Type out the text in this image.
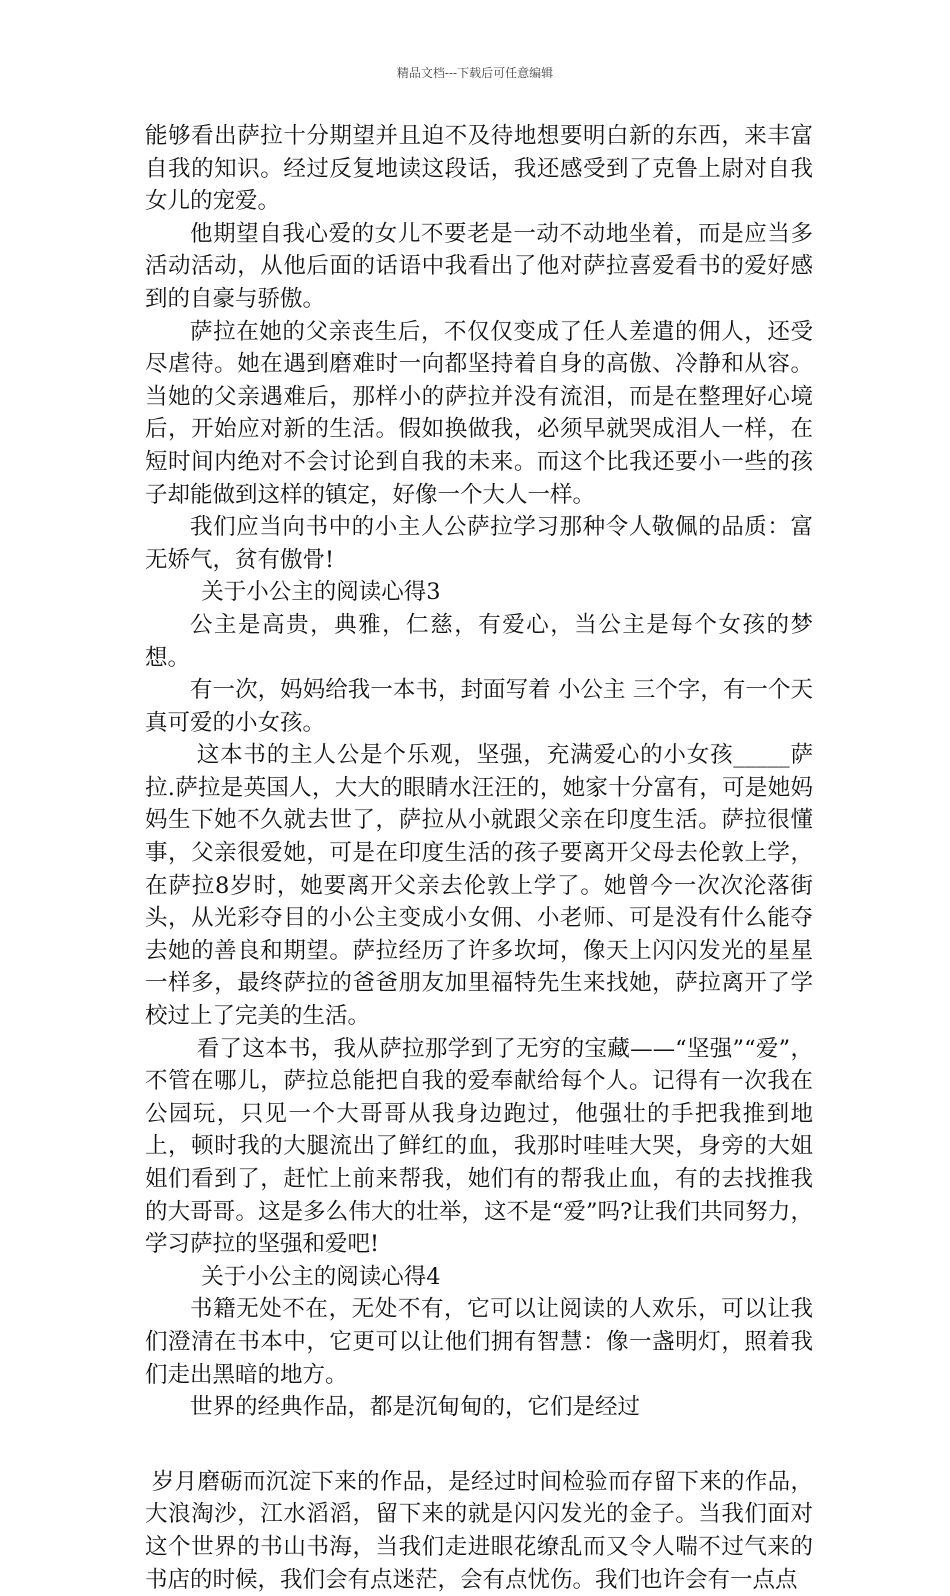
精品文档---下载后可任意编辑

能够看出萨拉十分期望并且迫不及待地想要明白新的东西，来丰富自我的知识。经过反复地读这段话，我还感受到了克鲁上尉对自我女儿的宠爱。

他期望自我心爱的女儿不要老是一动不动地坐着，而是应当多活动活动，从他后面的话语中我看出了他对萨拉喜爱看书的爱好感到的自豪与骄傲。

萨拉在她的父亲丧生后，不仅仅变成了任人差遣的佣人，还受尽虐待。她在遇到磨难时一向都坚持着自身的高傲、冷静和从容。当她的父亲遇难后，那样小的萨拉并没有流泪，而是在整理好心境后，开始应对新的生活。假如换做我，必须早就哭成泪人一样，在短时间内绝对不会讨论到自我的未来。而这个比我还要小一些的孩子却能做到这样的镇定，好像一个大人一样。

我们应当向书中的小主人公萨拉学习那种令人敬佩的品质：富无娇气，贫有傲骨!

关于小公主的阅读心得3

公主是高贵，典雅，仁慈，有爱心，当公主是每个女孩的梦想。

有一次，妈妈给我一本书，封面写着 小公主 三个字，有一个天真可爱的小女孩。

这本书的主人公是个乐观，坚强，充满爱心的小女孩_____萨拉.萨拉是英国人，大大的眼睛水汪汪的，她家十分富有，可是她妈妈生下她不久就去世了，萨拉从小就跟父亲在印度生活。萨拉很懂事，父亲很爱她，可是在印度生活的孩子要离开父母去伦敦上学，在萨拉8岁时，她要离开父亲去伦敦上学了。她曾今一次次沦落街头，从光彩夺目的小公主变成小女佣、小老师、可是没有什么能夺去她的善良和期望。萨拉经历了许多坎坷，像天上闪闪发光的星星一样多，最终萨拉的爸爸朋友加里福特先生来找她，萨拉离开了学校过上了完美的生活。

看了这本书，我从萨拉那学到了无穷的宝藏——“坚强”“爱”，不管在哪儿，萨拉总能把自我的爱奉献给每个人。记得有一次我在公园玩，只见一个大哥哥从我身边跑过，他强壮的手把我推到地上，顿时我的大腿流出了鲜红的血，我那时哇哇大哭，身旁的大姐姐们看到了，赶忙上前来帮我，她们有的帮我止血，有的去找推我的大哥哥。这是多么伟大的壮举，这不是“爱”吗?让我们共同努力，学习萨拉的坚强和爱吧!

关于小公主的阅读心得4

书籍无处不在，无处不有，它可以让阅读的人欢乐，可以让我们澄清在书本中，它更可以让他们拥有智慧：像一盏明灯，照着我们走出黑暗的地方。

世界的经典作品，都是沉甸甸的，它们是经过

岁月磨砺而沉淀下来的作品，是经过时间检验而存留下来的作品，大浪淘沙，江水滔滔，留下来的就是闪闪发光的金子。当我们面对这个世界的书山书海，当我们走进眼花缭乱而又令人喘不过气来的书店的时候，我们会有点迷茫，会有点忧伤。我们也许会有一点点
